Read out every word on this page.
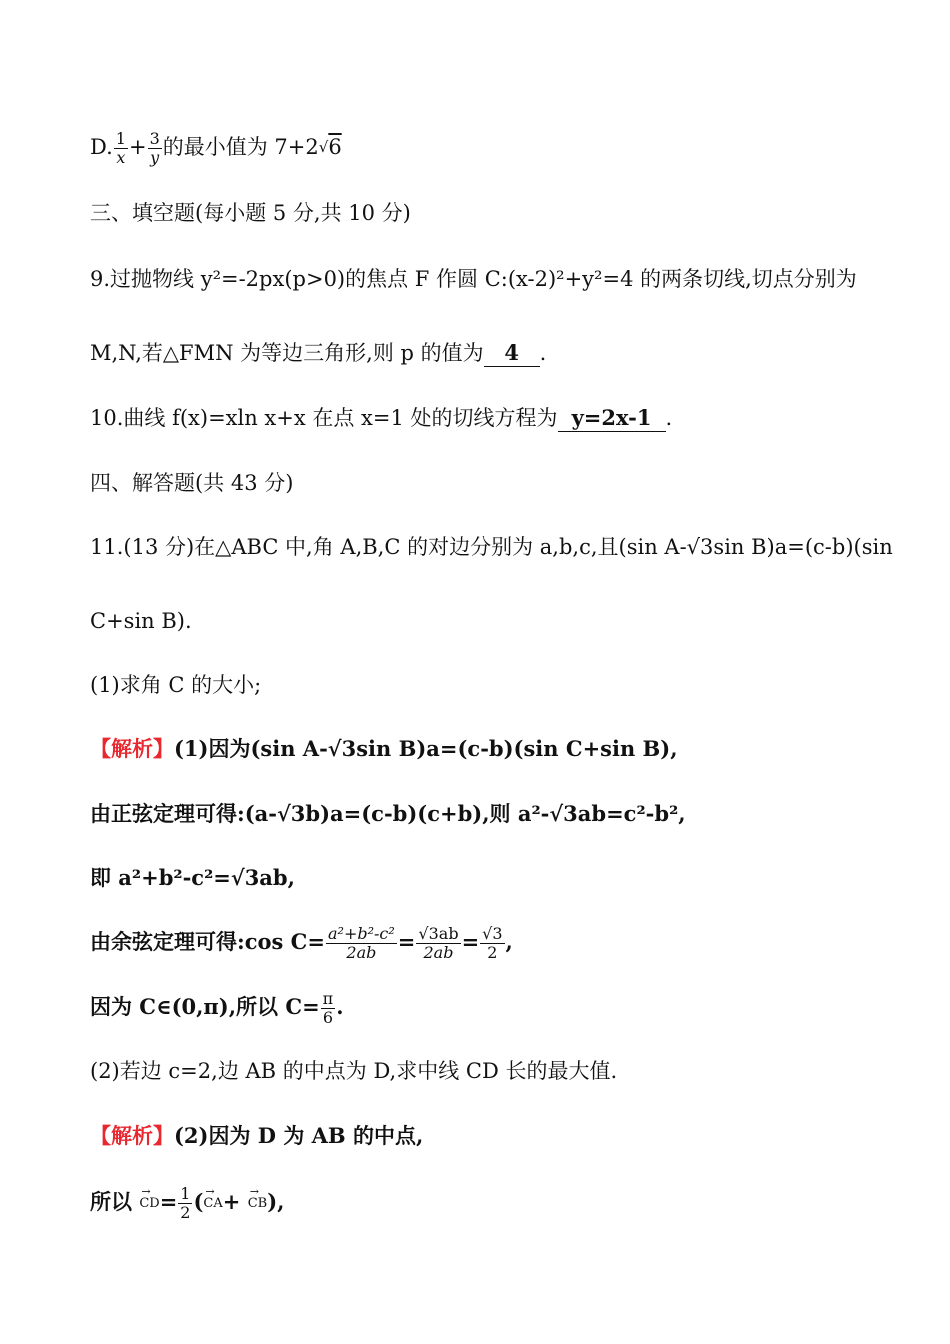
D. $\frac{1}{x} + \frac{3}{y}$ 的最小值为 7+2√6
三、填空题(每小题 5 分,共 10 分)
9.过抛物线 y²=-2px(p>0)的焦点 F 作圆 C:(x-2)²+y²=4 的两条切线,切点分别为
M,N,若△FMN 为等边三角形,则 p 的值为 4 .
10.曲线 f(x)=xln x+x 在点 x=1 处的切线方程为 y=2x-1 .
四、解答题(共 43 分)
11.(13 分)在△ABC 中,角 A,B,C 的对边分别为 a,b,c,且(sin A-√3sin B)a=(c-b)(sin
C+sin B).
(1)求角 C 的大小;
【解析】(1)因为(sin A-√3sin B)a=(c-b)(sin C+sin B),
由正弦定理可得:(a-√3b)a=(c-b)(c+b),则 a²-√3ab=c²-b²,
即 a²+b²-c²=√3ab,
由余弦定理可得:cos $C= \frac{\text{a²+b²-c²}}{2ab} = \frac{√3ab}{2ab} = \frac{√3}{2}$ ,
因为 C∈(0,π),所以 $C= \frac{\pi}{6}$ .
(2)若边 c=2,边 AB 的中点为 D,求中线 CD 长的最大值.
【解析】(2)因为 D 为 AB 的中点,
所以 → $CD= \frac{1}{2}$ (→ CA+ → CB),
